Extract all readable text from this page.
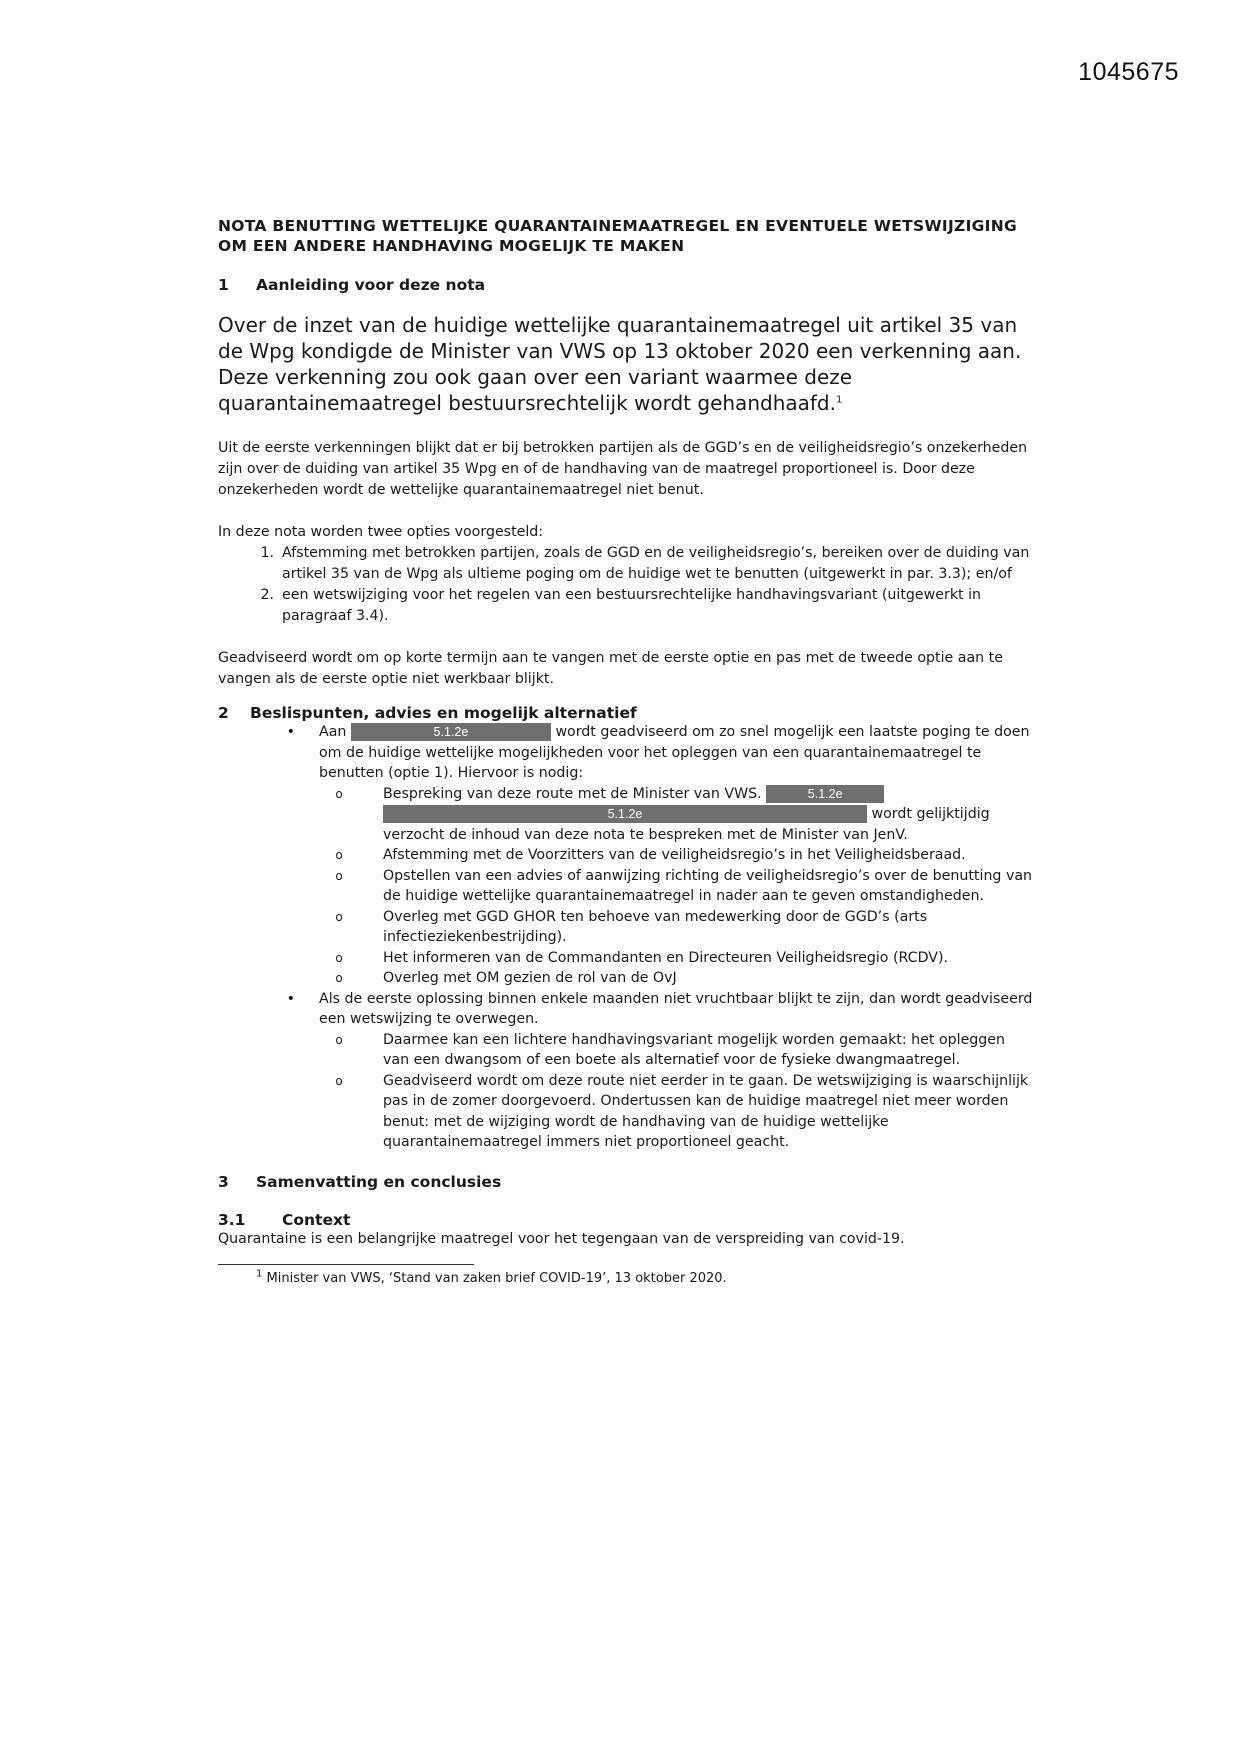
1045675

NOTA BENUTTING WETTELIJKE QUARANTAINEMAATREGEL EN EVENTUELE WETSWIJZIGING OM EEN ANDERE HANDHAVING MOGELIJK TE MAKEN

1	Aanleiding voor deze nota

Over de inzet van de huidige wettelijke quarantainemaatregel uit artikel 35 van de Wpg kondigde de Minister van VWS op 13 oktober 2020 een verkenning aan. Deze verkenning zou ook gaan over een variant waarmee deze quarantainemaatregel bestuursrechtelijk wordt gehandhaafd.$^1$

Uit de eerste verkenningen blijkt dat er bij betrokken partijen als de GGD’s en de veiligheidsregio’s onzekerheden zijn over de duiding van artikel 35 Wpg en of de handhaving van de maatregel proportioneel is. Door deze onzekerheden wordt de wettelijke quarantainemaatregel niet benut.

In deze nota worden twee opties voorgesteld:

1. Afstemming met betrokken partijen, zoals de GGD en de veiligheidsregio’s, bereiken over de duiding van artikel 35 van de Wpg als ultieme poging om de huidige wet te benutten (uitgewerkt in par. 3.3); en/of
2. een wetswijziging voor het regelen van een bestuursrechtelijke handhavingsvariant (uitgewerkt in paragraaf 3.4).

Geadviseerd wordt om op korte termijn aan te vangen met de eerste optie en pas met de tweede optie aan te vangen als de eerste optie niet werkbaar blijkt.

2	Beslispunten, advies en mogelijk alternatief
•	Aan	5.1.2e	wordt geadviseerd om zo snel mogelijk een laatste poging te doen om de huidige wettelijke mogelijkheden voor het opleggen van een quarantainemaatregel te benutten (optie 1). Hiervoor is nodig:
o	Bespreking van deze route met de Minister van VWS.	5.1.2e 5.1.2e	wordt gelijktijdig verzocht de inhoud van deze nota te bespreken met de Minister van JenV.
o	Afstemming met de Voorzitters van de veiligheidsregio’s in het Veiligheidsberaad.
o	Opstellen van een advies of aanwijzing richting de veiligheidsregio’s over de benutting van de huidige wettelijke quarantainemaatregel in nader aan te geven omstandigheden.
o	Overleg met GGD GHOR ten behoeve van medewerking door de GGD’s (arts infectieziekenbestrijding).
o	Het informeren van de Commandanten en Directeuren Veiligheidsregio (RCDV).
o	Overleg met OM gezien de rol van de OvJ
•	Als de eerste oplossing binnen enkele maanden niet vruchtbaar blijkt te zijn, dan wordt geadviseerd een wetswijzing te overwegen.
o	Daarmee kan een lichtere handhavingsvariant mogelijk worden gemaakt: het opleggen van een dwangsom of een boete als alternatief voor de fysieke dwangmaatregel.
o	Geadviseerd wordt om deze route niet eerder in te gaan. De wetswijziging is waarschijnlijk pas in de zomer doorgevoerd. Ondertussen kan de huidige maatregel niet meer worden benut: met de wijziging wordt de handhaving van de huidige wettelijke quarantainemaatregel immers niet proportioneel geacht.
3	Samenvatting en conclusies
3.1	Context

Quarantaine is een belangrijke maatregel voor het tegengaan van de verspreiding van covid-19.

$^1$ Minister van VWS, ‘Stand van zaken brief COVID-19’, 13 oktober 2020.
